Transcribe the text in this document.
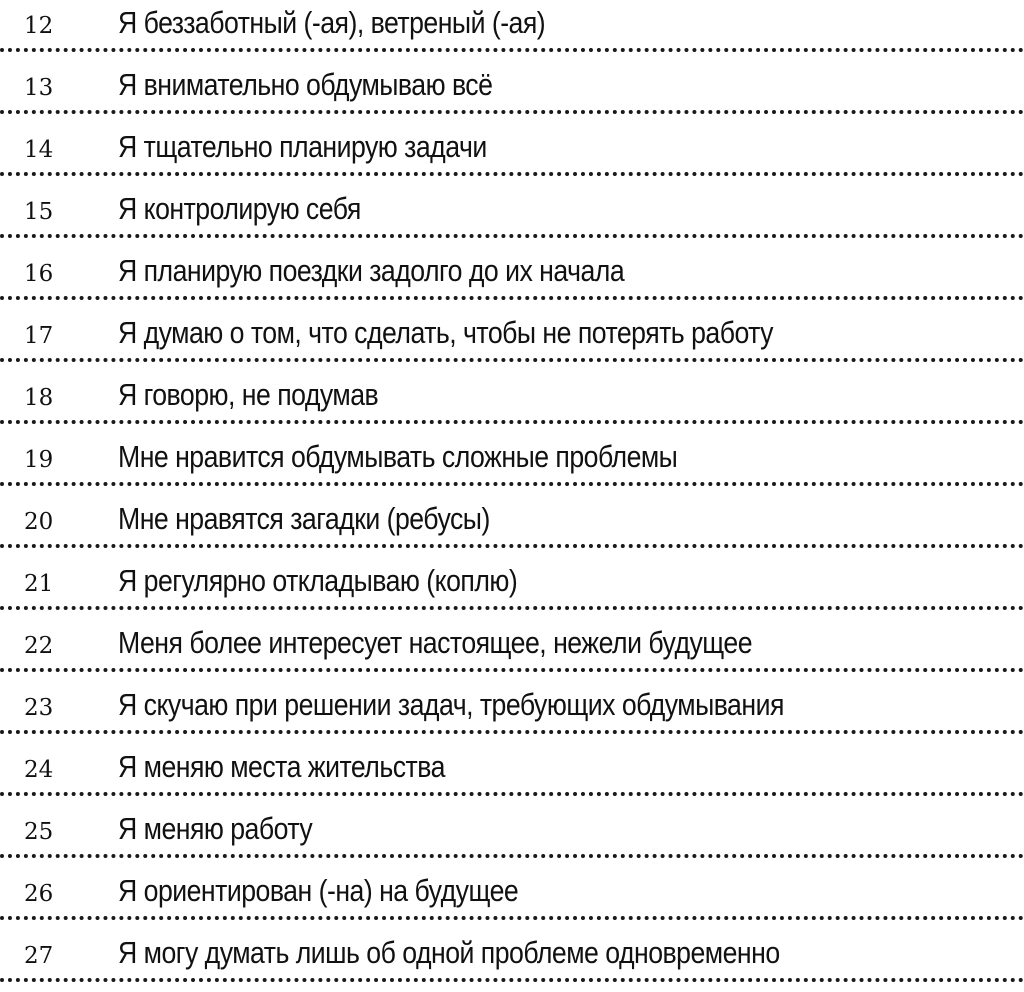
12 Я беззаботный (-ая), ветреный (-ая)
13 Я внимательно обдумываю всё
14 Я тщательно планирую задачи
15 Я контролирую себя
16 Я планирую поездки задолго до их начала
17 Я думаю о том, что сделать, чтобы не потерять работу
18 Я говорю, не подумав
19 Мне нравится обдумывать сложные проблемы
20 Мне нравятся загадки (ребусы)
21 Я регулярно откладываю (коплю)
22 Меня более интересует настоящее, нежели будущее
23 Я скучаю при решении задач, требующих обдумывания
24 Я меняю места жительства
25 Я меняю работу
26 Я ориентирован (-на) на будущее
27 Я могу думать лишь об одной проблеме одновременно
